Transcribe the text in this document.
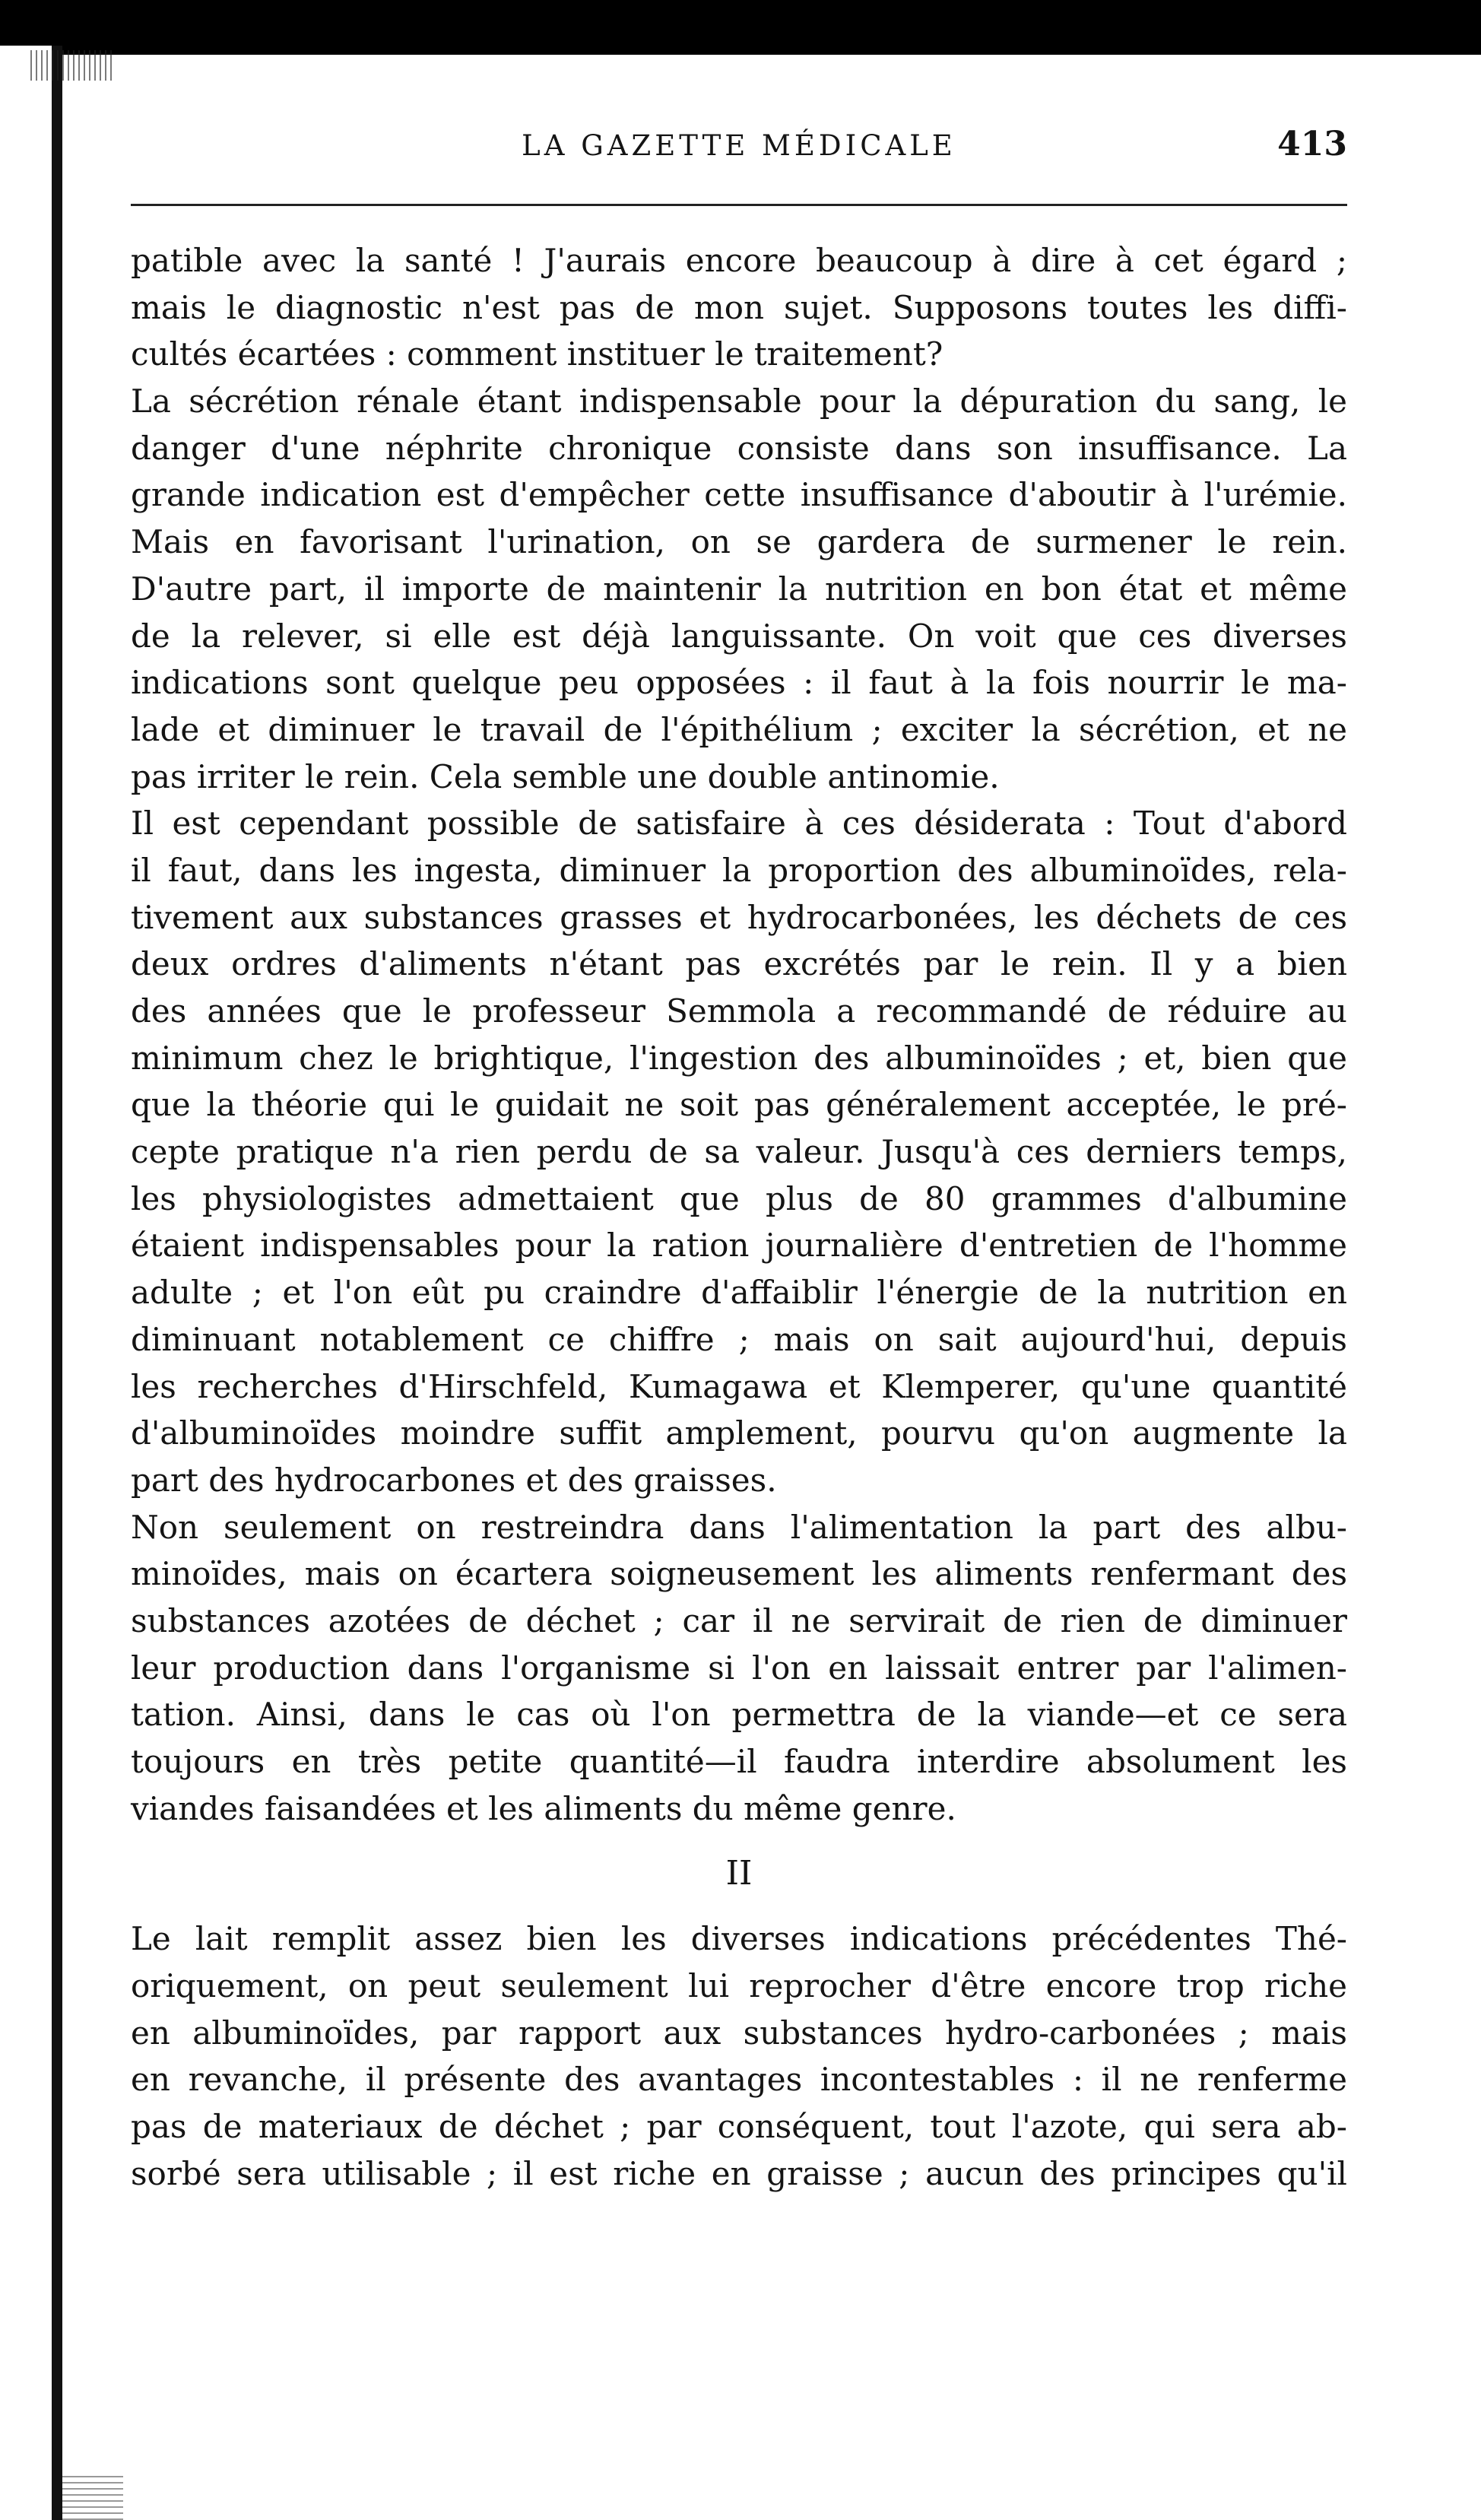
LA GAZETTE MÉDICALE	413
patible avec la santé ! J'aurais encore beaucoup à dire à cet égard ;
mais le diagnostic n'est pas de mon sujet. Supposons toutes les diffi-
cultés écartées : comment instituer le traitement?
La sécrétion rénale étant indispensable pour la dépuration du sang, le
danger d'une néphrite chronique consiste dans son insuffisance. La
grande indication est d'empêcher cette insuffisance d'aboutir à l'urémie.
Mais en favorisant l'urination, on se gardera de surmener le rein.
D'autre part, il importe de maintenir la nutrition en bon état et même
de la relever, si elle est déjà languissante. On voit que ces diverses
indications sont quelque peu opposées : il faut à la fois nourrir le ma-
lade et diminuer le travail de l'épithélium ; exciter la sécrétion, et ne
pas irriter le rein. Cela semble une double antinomie.
Il est cependant possible de satisfaire à ces désiderata : Tout d'abord
il faut, dans les ingesta, diminuer la proportion des albuminoïdes, rela-
tivement aux substances grasses et hydrocarbonées, les déchets de ces
deux ordres d'aliments n'étant pas excrétés par le rein. Il y a bien
des années que le professeur Semmola a recommandé de réduire au
minimum chez le brightique, l'ingestion des albuminoïdes ; et, bien que
que la théorie qui le guidait ne soit pas généralement acceptée, le pré-
cepte pratique n'a rien perdu de sa valeur. Jusqu'à ces derniers temps,
les physiologistes admettaient que plus de 80 grammes d'albumine
étaient indispensables pour la ration journalière d'entretien de l'homme
adulte ; et l'on eût pu craindre d'affaiblir l'énergie de la nutrition en
diminuant notablement ce chiffre ; mais on sait aujourd'hui, depuis
les recherches d'Hirschfeld, Kumagawa et Klemperer, qu'une quantité
d'albuminoïdes moindre suffit amplement, pourvu qu'on augmente la
part des hydrocarbones et des graisses.
Non seulement on restreindra dans l'alimentation la part des albu-
minoïdes, mais on écartera soigneusement les aliments renfermant des
substances azotées de déchet ; car il ne servirait de rien de diminuer
leur production dans l'organisme si l'on en laissait entrer par l'alimen-
tation. Ainsi, dans le cas où l'on permettra de la viande—et ce sera
toujours en très petite quantité—il faudra interdire absolument les
viandes faisandées et les aliments du même genre.
II
Le lait remplit assez bien les diverses indications précédentes Thé-
oriquement, on peut seulement lui reprocher d'être encore trop riche
en albuminoïdes, par rapport aux substances hydro-carbonées ; mais
en revanche, il présente des avantages incontestables : il ne renferme
pas de materiaux de déchet ; par conséquent, tout l'azote, qui sera ab-
sorbé sera utilisable ; il est riche en graisse ; aucun des principes qu'il
